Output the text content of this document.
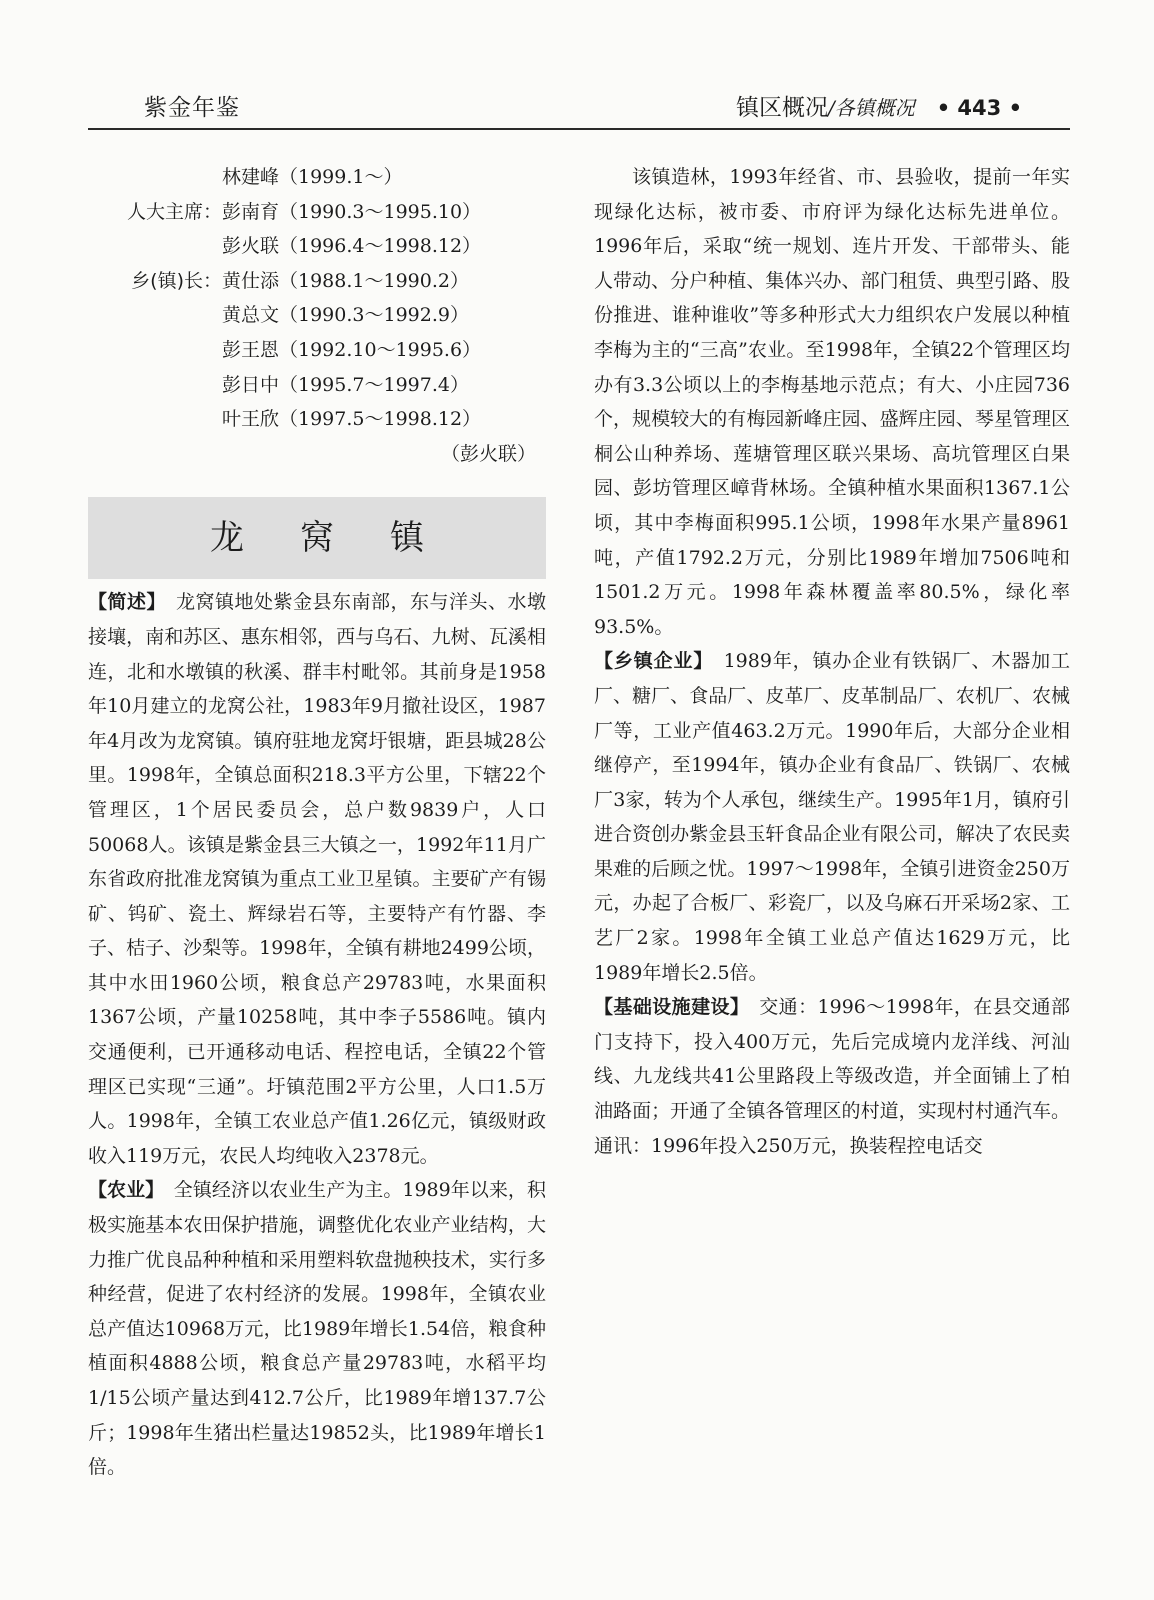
紫金年鉴	镇区概况/各镇概况 • 443 •
林建峰（1999.1～）
人大主席： 彭南育（1990.3～1995.10）
彭火联（1996.4～1998.12）
乡(镇)长： 黄仕添（1988.1～1990.2）
黄总文（1990.3～1992.9）
彭王恩（1992.10～1995.6）
彭日中（1995.7～1997.4）
叶王欣（1997.5～1998.12）
（彭火联）
龙窝镇

【简述】　 龙窝镇地处紫金县东南部，东与洋头、水墩接壤，南和苏区、惠东相邻，西与乌石、九树、瓦溪相连，北和水墩镇的秋溪、群丰村毗邻。其前身是1958年10月建立的龙窝公社，1983年9月撤社设区，1987年4月改为龙窝镇。镇府驻地龙窝圩银塘，距县城28公里。1998年，全镇总面积218.3平方公里，下辖22个管理区，1个居民委员会，总户数9839户，人口50068人。该镇是紫金县三大镇之一，1992年11月广东省政府批准龙窝镇为重点工业卫星镇。主要矿产有锡矿、钨矿、瓷土、辉绿岩石等，主要特产有竹器、李子、桔子、沙梨等。1998年，全镇有耕地2499公顷，其中水田1960公顷，粮食总产29783吨，水果面积1367公顷，产量10258吨，其中李子5586吨。镇内交通便利，已开通移动电话、程控电话，全镇22个管理区已实现“三通”。圩镇范围2平方公里，人口1.5万人。1998年，全镇工农业总产值1.26亿元，镇级财政收入119万元，农民人均纯收入2378元。

【农业】　 全镇经济以农业生产为主。1989年以来，积极实施基本农田保护措施，调整优化农业产业结构，大力推广优良品种种植和采用塑料软盘抛秧技术，实行多种经营，促进了农村经济的发展。1998年，全镇农业总产值达10968万元，比1989年增长1.54倍，粮食种植面积4888公顷，粮食总产量29783吨，水稻平均1/15公顷产量达到412.7公斤，比1989年增137.7公斤；1998年生猪出栏量达19852头，比1989年增长1倍。

该镇造林，1993年经省、市、县验收，提前一年实现绿化达标，被市委、市府评为绿化达标先进单位。1996年后，采取“统一规划、连片开发、干部带头、能人带动、分户种植、集体兴办、部门租赁、典型引路、股份推进、谁种谁收”等多种形式大力组织农户发展以种植李梅为主的“三高”农业。至1998年，全镇22个管理区均办有3.3公顷以上的李梅基地示范点；有大、小庄园736个，规模较大的有梅园新峰庄园、盛辉庄园、琴星管理区桐公山种养场、莲塘管理区联兴果场、高坑管理区白果园、彭坊管理区嶂背林场。全镇种植水果面积1367.1公顷，其中李梅面积995.1公顷，1998年水果产量8961吨，产值1792.2万元，分别比1989年增加7506吨和1501.2万元。1998年森林覆盖率80.5%，绿化率93.5%。

【乡镇企业】　 1989年，镇办企业有铁锅厂、木器加工厂、糖厂、食品厂、皮革厂、皮革制品厂、农机厂、农械厂等，工业产值463.2万元。1990年后，大部分企业相继停产，至1994年，镇办企业有食品厂、铁锅厂、农械厂3家，转为个人承包，继续生产。1995年1月，镇府引进合资创办紫金县玉轩食品企业有限公司，解决了农民卖果难的后顾之忧。1997～1998年，全镇引进资金250万元，办起了合板厂、彩瓷厂，以及乌麻石开采场2家、工艺厂2家。1998年全镇工业总产值达1629万元，比1989年增长2.5倍。

【基础设施建设】　 交通：1996～1998年，在县交通部门支持下，投入400万元，先后完成境内龙洋线、河汕线、九龙线共41公里路段上等级改造，并全面铺上了柏油路面；开通了全镇各管理区的村道，实现村村通汽车。通讯：1996年投入250万元，换装程控电话交
